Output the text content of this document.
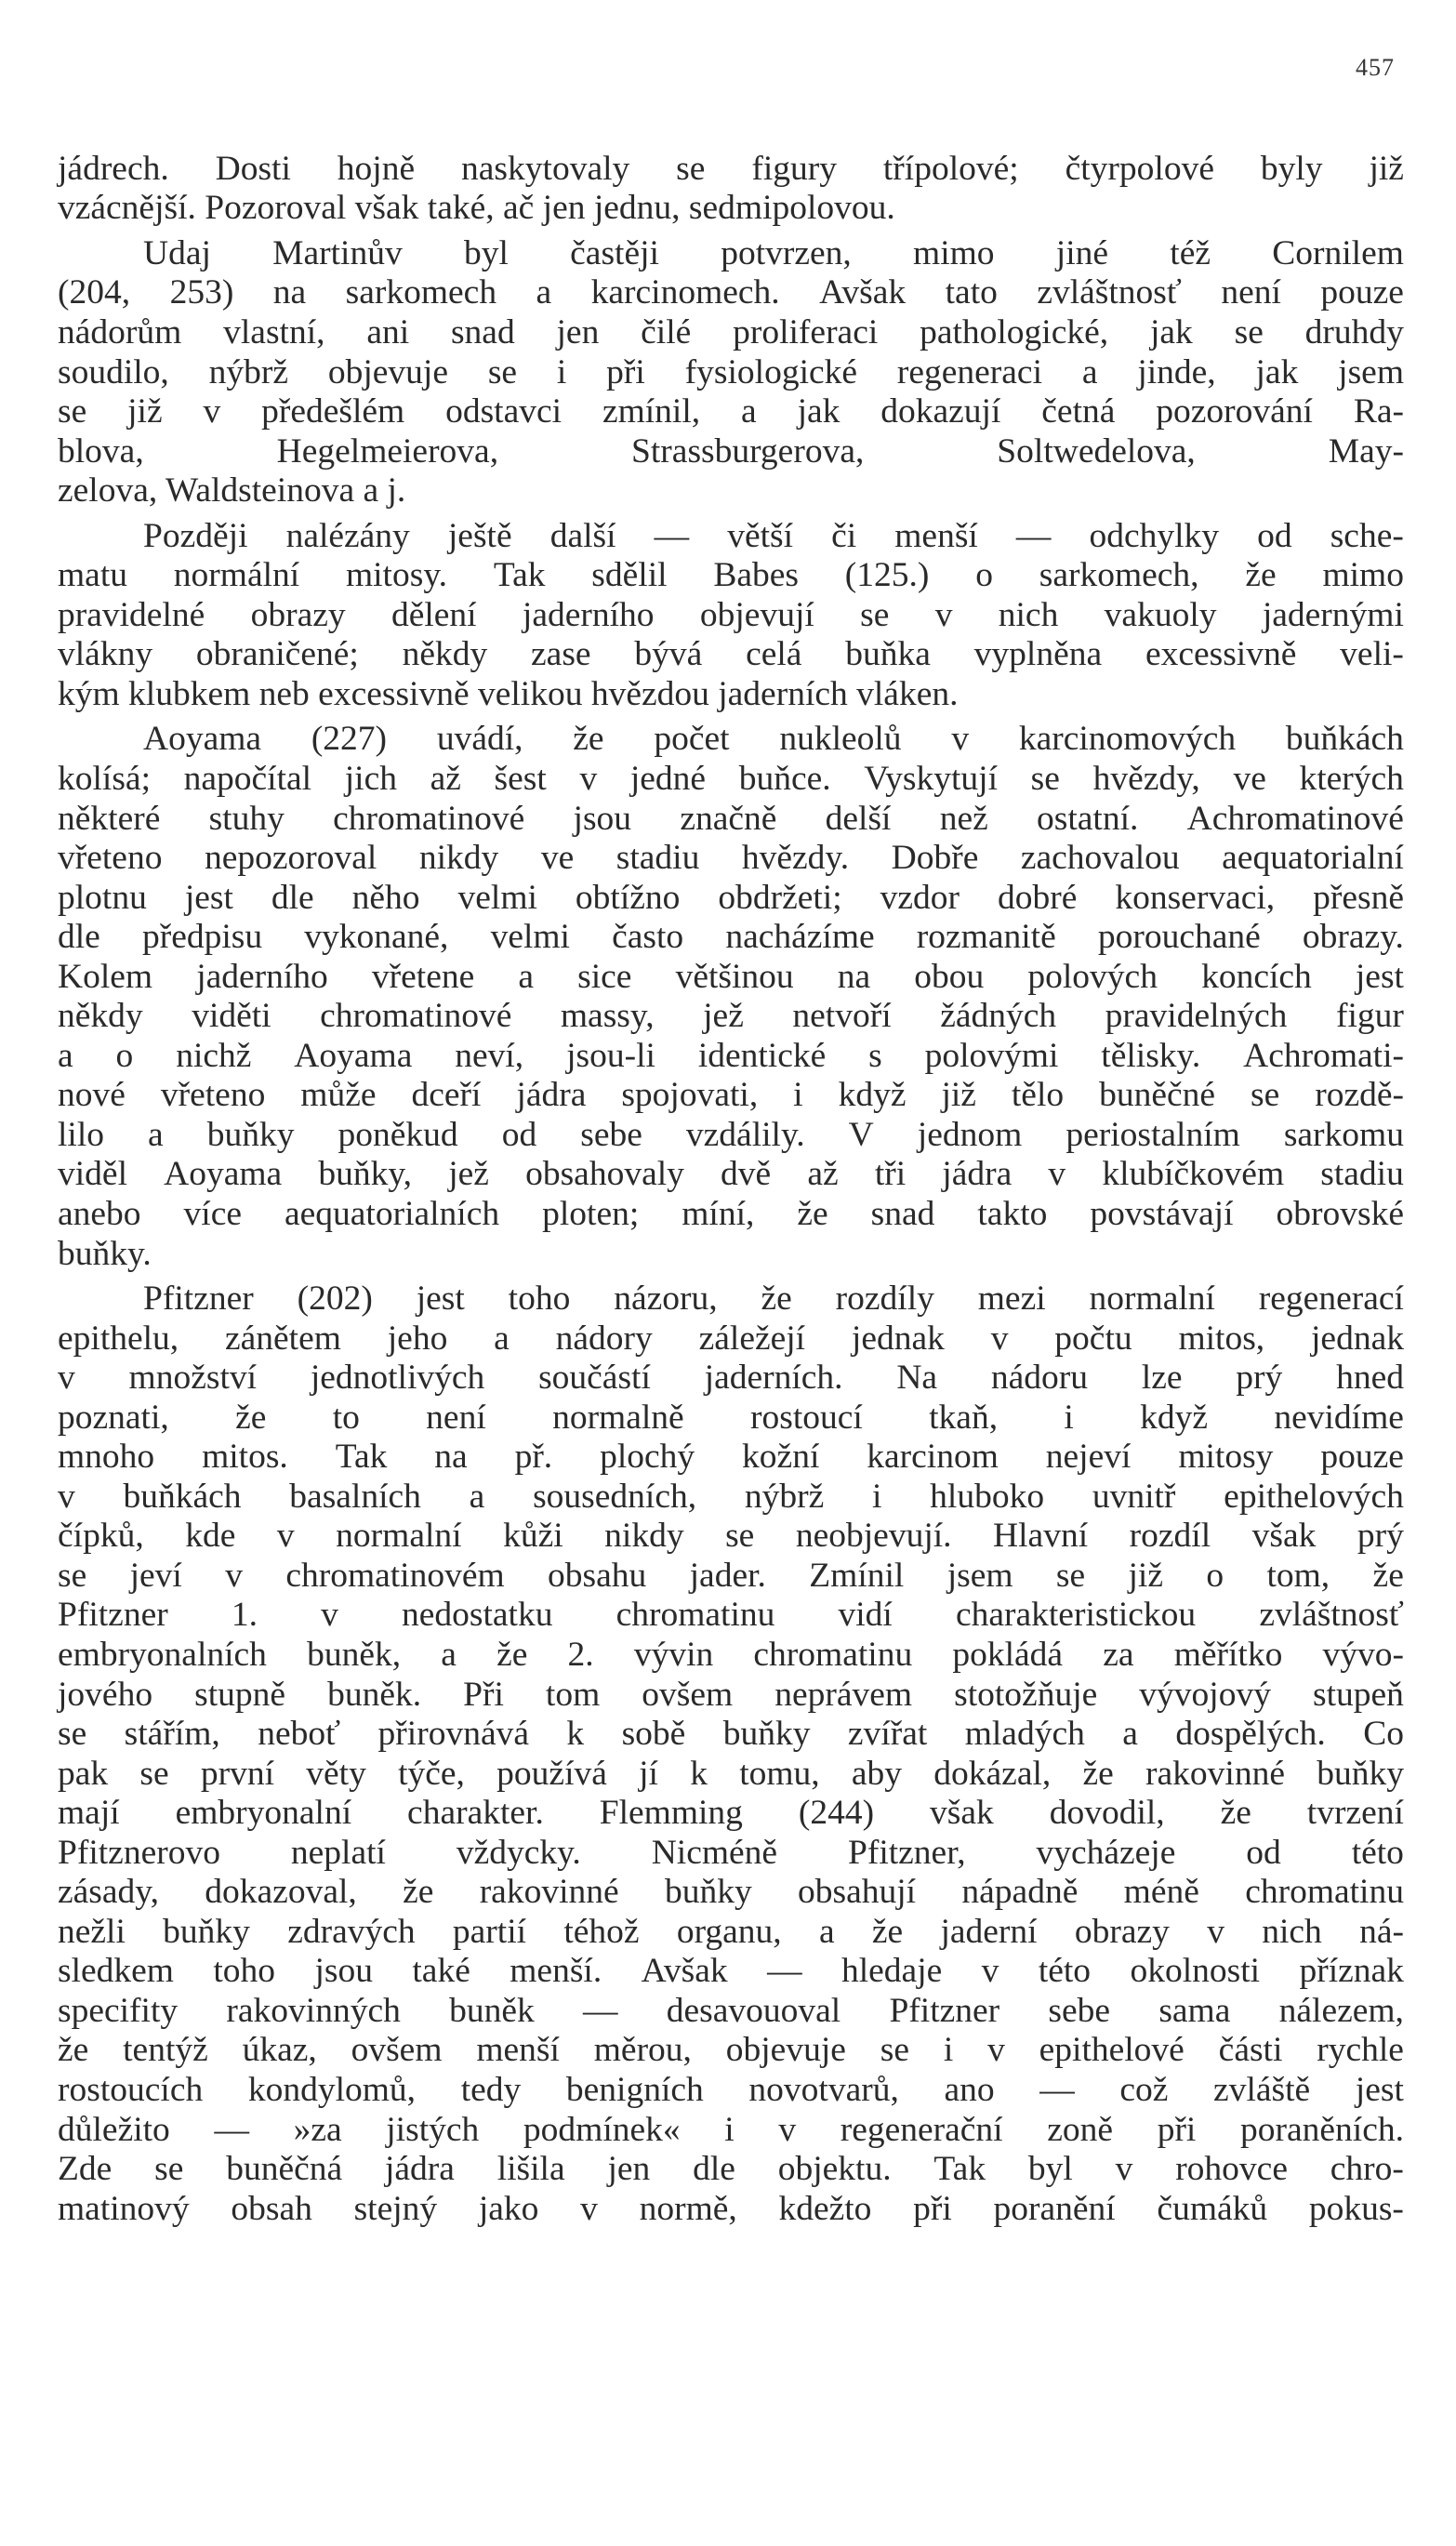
457
jádrech. Dosti hojně naskytovaly se figury třípolové; čtyrpolové byly již
vzácnější. Pozoroval však také, ač jen jednu, sedmipolovou.
Udaj Martinův byl častěji potvrzen, mimo jiné též Cornilem
(204, 253) na sarkomech a karcinomech. Avšak tato zvláštnosť není pouze
nádorům vlastní, ani snad jen čilé proliferaci pathologické, jak se druhdy
soudilo, nýbrž objevuje se i při fysiologické regeneraci a jinde, jak jsem
se již v předešlém odstavci zmínil, a jak dokazují četná pozorování Ra-
blova,	Hegelmeierova,	Strassburgerova,	Soltwedelova,	May-
zelova, Waldsteinova a j.
Později nalézány ještě další — větší či menší — odchylky od sche-
matu normální mitosy. Tak sdělil Babes (125.) o sarkomech, že mimo
pravidelné obrazy dělení jaderního objevují se v nich vakuoly jadernými
vlákny obraničené; někdy zase bývá celá buňka vyplněna excessivně veli-
kým klubkem neb excessivně velikou hvězdou jaderních vláken.
Aoyama (227) uvádí, že počet nukleolů v karcinomových buňkách
kolísá; napočítal jich až šest v jedné buňce. Vyskytují se hvězdy, ve kterých
některé stuhy chromatinové jsou značně delší než ostatní. Achromatinové
vřeteno nepozoroval nikdy ve stadiu hvězdy. Dobře zachovalou aequatorialní
plotnu jest dle něho velmi obtížno obdržeti; vzdor dobré konservaci, přesně
dle předpisu vykonané, velmi často nacházíme rozmanitě porouchané obrazy.
Kolem jaderního vřetene a sice většinou na obou polových koncích jest
někdy viděti chromatinové massy, jež netvoří žádných pravidelných figur
a o nichž Aoyama neví, jsou-li identické s polovými tělisky. Achromati-
nové vřeteno může dceří jádra spojovati, i když již tělo buněčné se rozdě-
lilo a buňky poněkud od sebe vzdálily. V jednom periostalním sarkomu
viděl Aoyama buňky, jež obsahovaly dvě až tři jádra v klubíčkovém stadiu
anebo více aequatorialních ploten; míní, že snad takto povstávají obrovské
buňky.
Pfitzner (202) jest toho názoru, že rozdíly mezi normalní regenerací
epithelu, zánětem jeho a nádory záležejí jednak v počtu mitos, jednak
v množství jednotlivých součástí jaderních. Na nádoru lze prý hned
poznati, že to není normalně rostoucí tkaň, i když nevidíme
mnoho mitos. Tak na př. plochý kožní karcinom nejeví mitosy pouze
v buňkách basalních a sousedních, nýbrž i hluboko uvnitř epithelových
čípků, kde v normalní kůži nikdy se neobjevují. Hlavní rozdíl však prý
se jeví v chromatinovém obsahu jader. Zmínil jsem se již o tom, že
Pfitzner 1. v nedostatku chromatinu vidí charakteristickou zvláštnosť
embryonalních buněk, a že 2. vývin chromatinu pokládá za měřítko vývo-
jového stupně buněk. Při tom ovšem neprávem stotožňuje vývojový stupeň
se stářím, neboť přirovnává k sobě buňky zvířat mladých a dospělých. Co
pak se první věty týče, používá jí k tomu, aby dokázal, že rakovinné buňky
mají embryonalní charakter. Flemming (244) však dovodil, že tvrzení
Pfitznerovo neplatí vždycky. Nicméně Pfitzner, vycházeje od této
zásady, dokazoval, že rakovinné buňky obsahují nápadně méně chromatinu
nežli buňky zdravých partií téhož organu, a že jaderní obrazy v nich ná-
sledkem toho jsou také menší. Avšak — hledaje v této okolnosti příznak
specifity rakovinných buněk — desavouoval Pfitzner sebe sama nálezem,
že tentýž úkaz, ovšem menší měrou, objevuje se i v epithelové části rychle
rostoucích kondylomů, tedy benigních novotvarů, ano — což zvláště jest
důležito — »za jistých podmínek« i v regenerační zoně při poraněních.
Zde se buněčná jádra lišila jen dle objektu. Tak byl v rohovce chro-
matinový obsah stejný jako v normě, kdežto při poranění čumáků pokus-
